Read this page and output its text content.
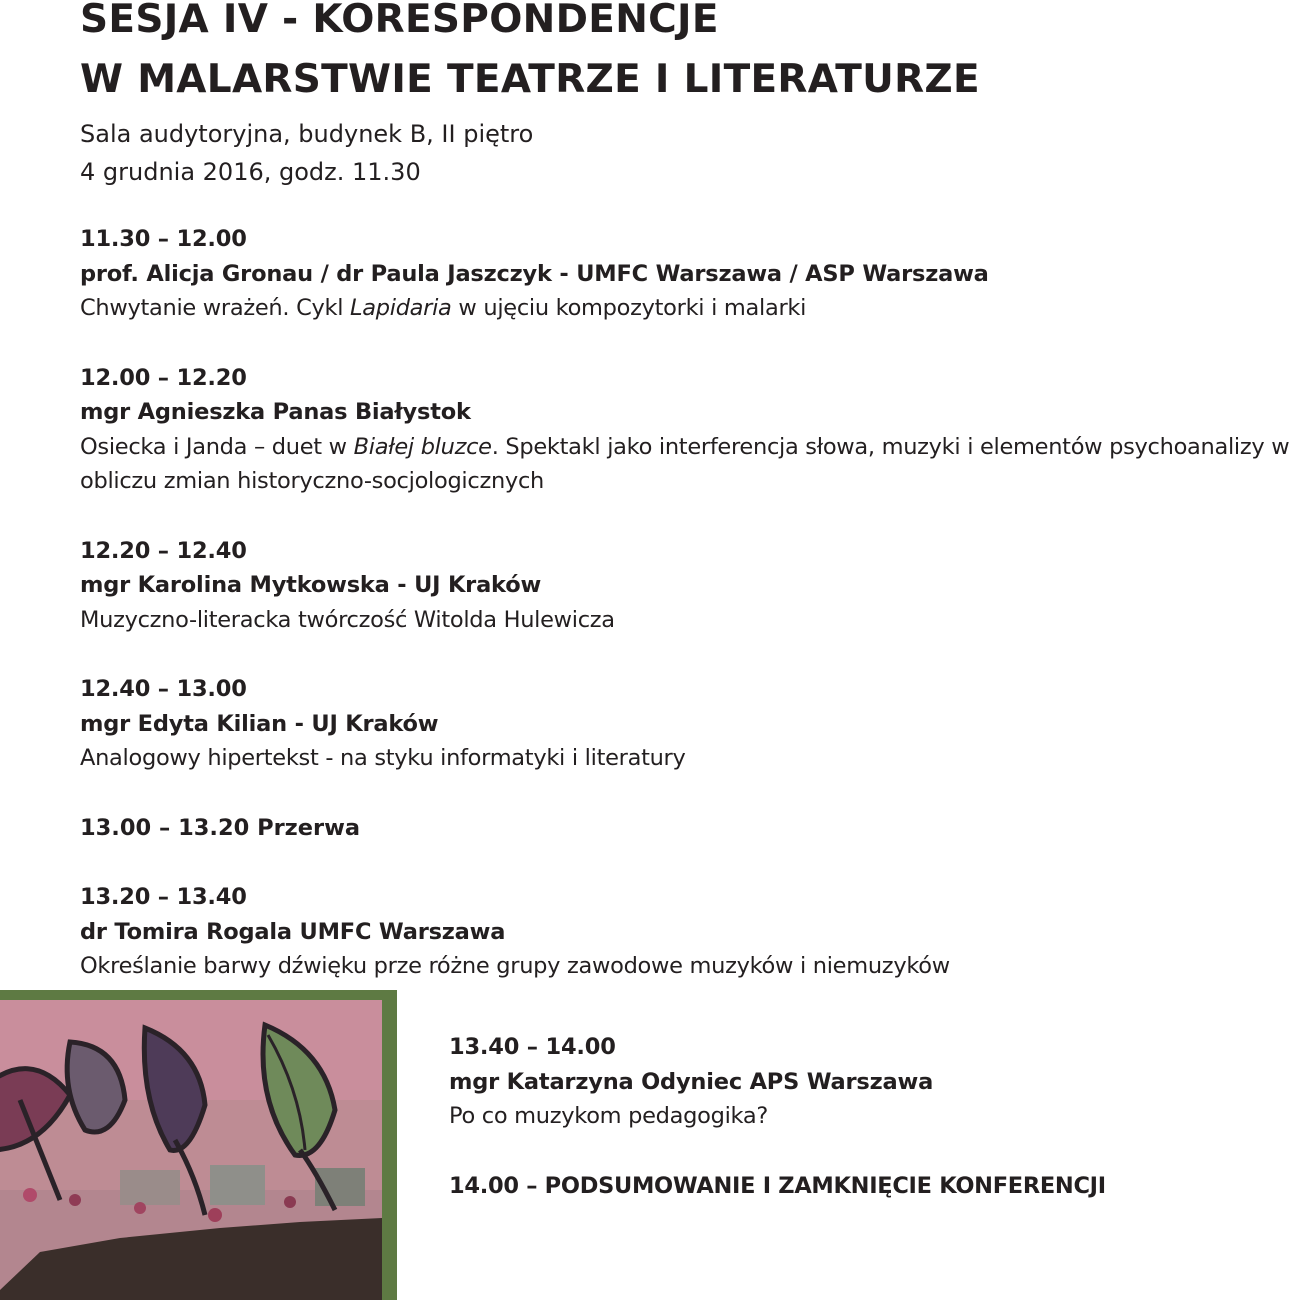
SESJA IV - KORESPONDENCJE
W MALARSTWIE TEATRZE I LITERATURZE
Sala audytoryjna, budynek B, II piętro
4 grudnia 2016, godz. 11.30
11.30 – 12.00
prof. Alicja Gronau / dr Paula Jaszczyk - UMFC Warszawa / ASP Warszawa
Chwytanie wrażeń. Cykl Lapidaria w ujęciu kompozytorki i malarki
12.00 – 12.20
mgr Agnieszka Panas Białystok
Osiecka i Janda – duet w Białej bluzce. Spektakl jako interferencja słowa, muzyki i elementów psychoanalizy w obliczu zmian historyczno-socjologicznych
12.20 – 12.40
mgr Karolina Mytkowska - UJ Kraków
Muzyczno-literacka twórczość Witolda Hulewicza
12.40 – 13.00
mgr Edyta Kilian - UJ Kraków
Analogowy hipertekst - na styku informatyki i literatury
13.00 – 13.20 Przerwa
13.20 – 13.40
dr Tomira Rogala UMFC Warszawa
Określanie barwy dźwięku prze różne grupy zawodowe muzyków i niemuzyków
13.40 – 14.00
mgr Katarzyna Odyniec APS Warszawa
Po co muzykom pedagogika?
14.00 – PODSUMOWANIE I ZAMKNIĘCIE KONFERENCJI
